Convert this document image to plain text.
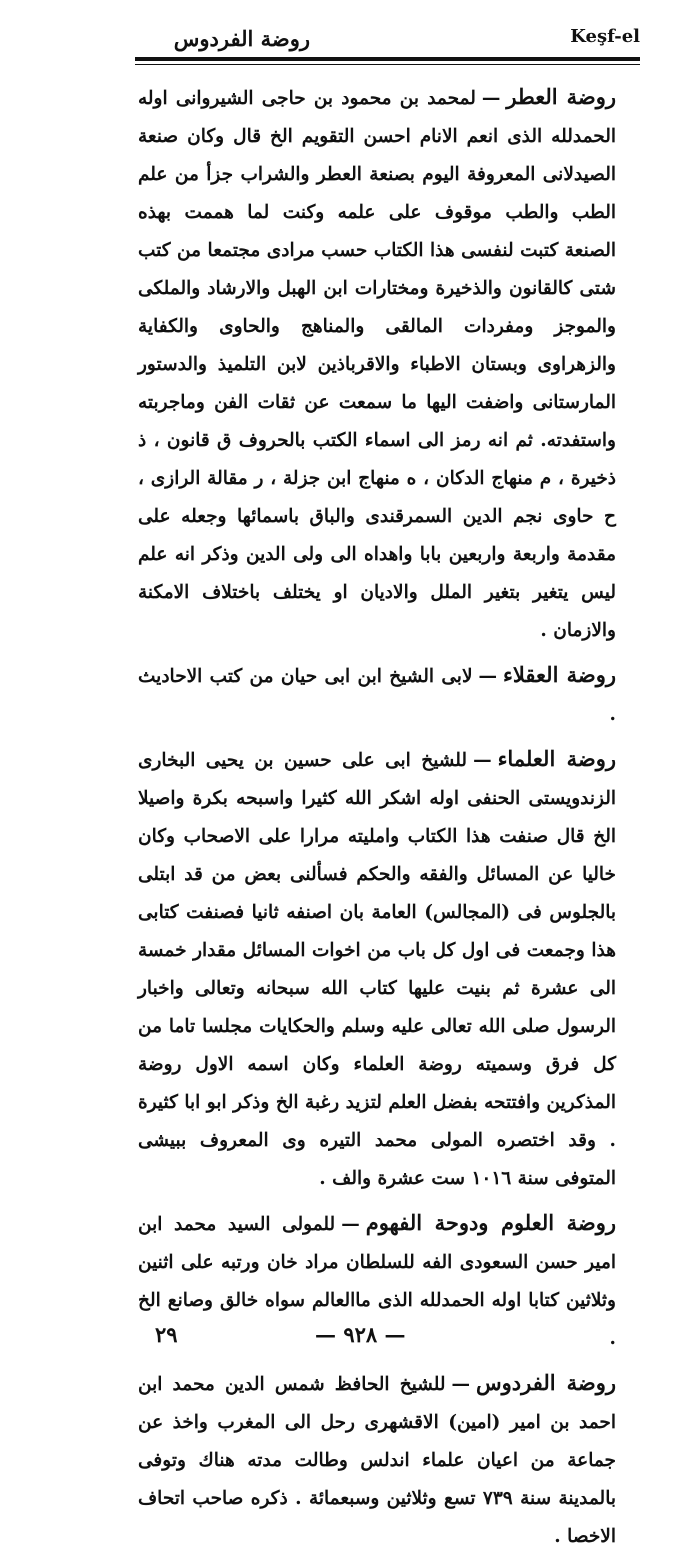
روضة الفردوس	Keşf-el

روضة العطر—لمحمد بن محمود بن حاجى الشيروانى اوله الحمدلله الذى انعم الانام احسن التقويم الخ قال وكان صنعة الصيدلانى المعروفة اليوم بصنعة العطر والشراب جزأ من علم الطب والطب موقوف على علمه وكنت لما هممت بهذه الصنعة كتبت لنفسى هذا الكتاب حسب مرادى مجتمعا من كتب شتى كالقانون والذخيرة ومختارات ابن الهبل والارشاد والملكى والموجز ومفردات المالقى والمناهج والحاوى والكفاية والزهراوى وبستان الاطباء والاقرباذين لابن التلميذ والدستور المارستانى واضفت اليها ما سمعت عن ثقات الفن وماجربته واستفدته. ثم انه رمز الى اسماء الكتب بالحروف ق قانون ، ذ ذخيرة ، م منهاج الدكان ، ه منهاج ابن جزلة ، ر مقالة الرازى ، ح حاوى نجم الدين السمرقندى والباق باسمائها وجعله على مقدمة واربعة واربعين بابا واهداه الى ولى الدين وذكر انه علم ليس يتغير بتغير الملل والاديان او يختلف باختلاف الامكنة والازمان .

روضة العقلاء—لابى الشيخ ابن ابى حيان من كتب الاحاديث .

روضة العلماء—للشيخ ابى على حسين بن يحيى البخارى الزندويستى الحنفى اوله اشكر الله كثيرا واسبحه بكرة واصيلا الخ قال صنفت هذا الكتاب وامليته مرارا على الاصحاب وكان خاليا عن المسائل والفقه والحكم فسألنى بعض من قد ابتلى بالجلوس فى (المجالس) العامة بان اصنفه ثانيا فصنفت كتابى هذا وجمعت فى اول كل باب من اخوات المسائل مقدار خمسة الى عشرة ثم بنيت عليها كتاب الله سبحانه وتعالى واخبار الرسول صلى الله تعالى عليه وسلم والحكايات مجلسا تاما من كل فرق وسميته روضة العلماء وكان اسمه الاول روضة المذكرين وافتتحه بفضل العلم لتزيد رغبة الخ وذكر ابو ابا كثيرة . وقد اختصره المولى محمد التيره وى المعروف ببيشى المتوفى سنة ١٠١٦ ست عشرة والف .

روضة العلوم ودوحة الفهوم—للمولى السيد محمد ابن امير حسن السعودى الفه للسلطان مراد خان ورتبه على اثنين وثلاثين كتابا اوله الحمدلله الذى ماالعالم سواه خالق وصانع الخ .

روضة الفردوس—للشيخ الحافظ شمس الدين محمد ابن احمد بن امير (امين) الاقشهرى رحل الى المغرب واخذ عن جماعة من اعيان علماء اندلس وطالت مدته هناك وتوفى بالمدينة سنة ٧٣٩ تسع وثلاثين وسبعمائة . ذكره صاحب اتحاف الاخصا .

٢٩	— ٩٢٨ —
